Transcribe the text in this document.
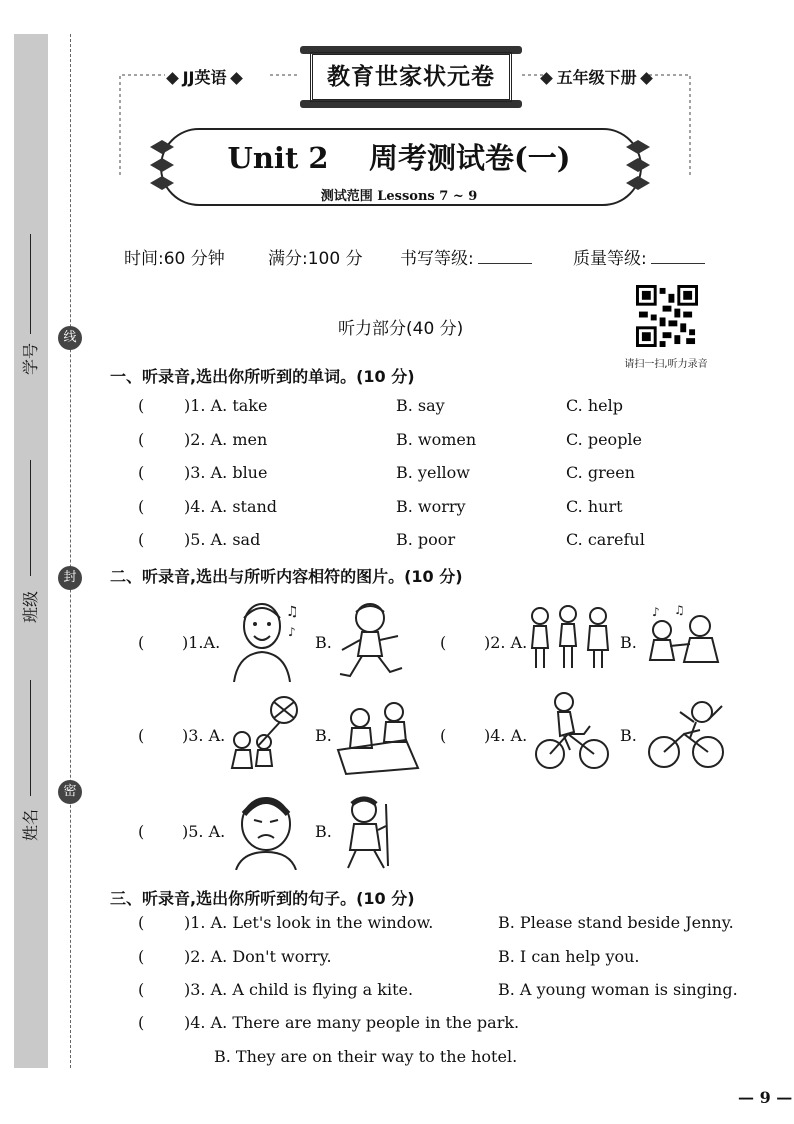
学号
班级
姓名
线
封
密
JJ英语	五年级下册
教育世家状元卷
Unit 2    周考测试卷(一)
测试范围 Lessons 7 ~ 9
时间:60 分钟	满分:100 分 书写等级:	质量等级:
听力部分(40 分)
请扫一扫,听力录音
一、听录音,选出你所听到的单词。(10 分)
( )1. A. take	B. say	C. help
( )2. A. men	B. women	C. people
( )3. A. blue	B. yellow	C. green
( )4. A. stand	B. worry	C. hurt
( )5. A. sad	B. poor	C. careful
二、听录音,选出与所听内容相符的图片。(10 分)
( )1.A.	B.	( )2. A.	B.
( )3. A.	B.	( )4. A.	B.
( )5. A.	B.
♫
♪
♪ ♫
三、听录音,选出你所听到的句子。(10 分)
( )1. A. Let's look in the window.	B. Please stand beside Jenny.
( )2. A. Don't worry.	B. I can help you.
( )3. A. A child is flying a kite.	B. A young woman is singing.
( )4. A. There are many people in the park.
B. They are on their way to the hotel.
— 9 —
